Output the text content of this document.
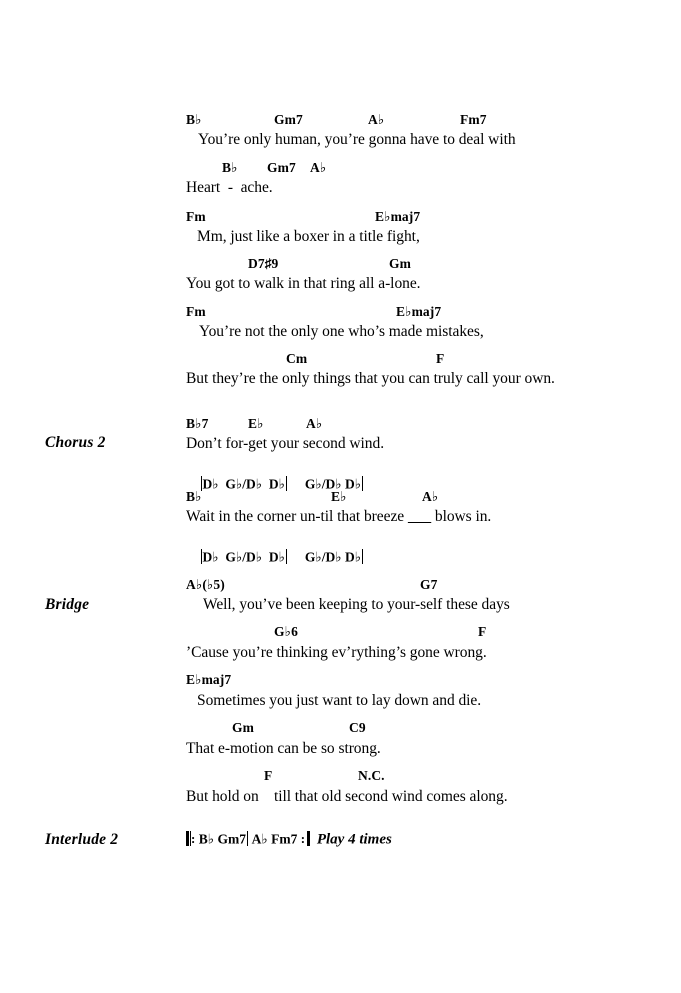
B♭

	Gm7

	A♭

	Fm7

You’re only human, you’re gonna have to deal with

B♭

Gm7

A♭

Heart  -  ache.

Fm

	E♭maj7

Mm, just like a boxer in a title fight,

D7♯9

	Gm

You got to walk in that ring all a-lone.

Fm

	E♭maj7

You’re not the only one who’s made mistakes,

Cm

	F

But they’re the only things that you can truly call your own.
Chorus 2

B♭7

	E♭

	A♭

Don’t for-get your second wind.

D♭ G♭/D♭ D♭ G♭/D♭ D♭

B♭

	E♭

	A♭

Wait in the corner un-til that breeze ___ blows in.

D♭ G♭/D♭ D♭ G♭/D♭ D♭

Bridge

A♭(♭5)

	G7

Well, you’ve been keeping to your-self these days

G♭6

	F

’Cause you’re thinking ev’rything’s gone wrong.

E♭maj7

Sometimes you just want to lay down and die.

Gm

	C9

That e-motion can be so strong.

F

	N.C.

But hold on    till that old second wind comes along.
Interlude 2	: B♭ Gm7 A♭ Fm7 : Play 4 times
